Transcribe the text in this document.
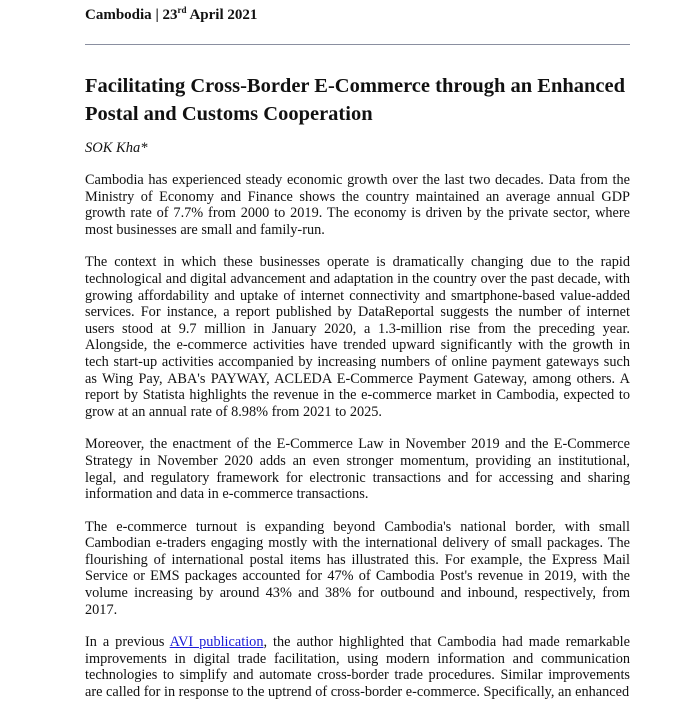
Cambodia | 23rd April 2021
Facilitating Cross-Border E-Commerce through an Enhanced Postal and Customs Cooperation
SOK Kha*

Cambodia has experienced steady economic growth over the last two decades. Data from the Ministry of Economy and Finance shows the country maintained an average annual GDP growth rate of 7.7% from 2000 to 2019. The economy is driven by the private sector, where most businesses are small and family-run.

The context in which these businesses operate is dramatically changing due to the rapid technological and digital advancement and adaptation in the country over the past decade, with growing affordability and uptake of internet connectivity and smartphone-based value-added services. For instance, a report published by DataReportal suggests the number of internet users stood at 9.7 million in January 2020, a 1.3-million rise from the preceding year. Alongside, the e-commerce activities have trended upward significantly with the growth in tech start-up activities accompanied by increasing numbers of online payment gateways such as Wing Pay, ABA's PAYWAY, ACLEDA E-Commerce Payment Gateway, among others. A report by Statista highlights the revenue in the e-commerce market in Cambodia, expected to grow at an annual rate of 8.98% from 2021 to 2025.

Moreover, the enactment of the E-Commerce Law in November 2019 and the E-Commerce Strategy in November 2020 adds an even stronger momentum, providing an institutional, legal, and regulatory framework for electronic transactions and for accessing and sharing information and data in e-commerce transactions.

The e-commerce turnout is expanding beyond Cambodia's national border, with small Cambodian e-traders engaging mostly with the international delivery of small packages. The flourishing of international postal items has illustrated this. For example, the Express Mail Service or EMS packages accounted for 47% of Cambodia Post's revenue in 2019, with the volume increasing by around 43% and 38% for outbound and inbound, respectively, from 2017.

In a previous AVI publication, the author highlighted that Cambodia had made remarkable improvements in digital trade facilitation, using modern information and communication technologies to simplify and automate cross-border trade procedures. Similar improvements are called for in response to the uptrend of cross-border e-commerce. Specifically, an enhanced
